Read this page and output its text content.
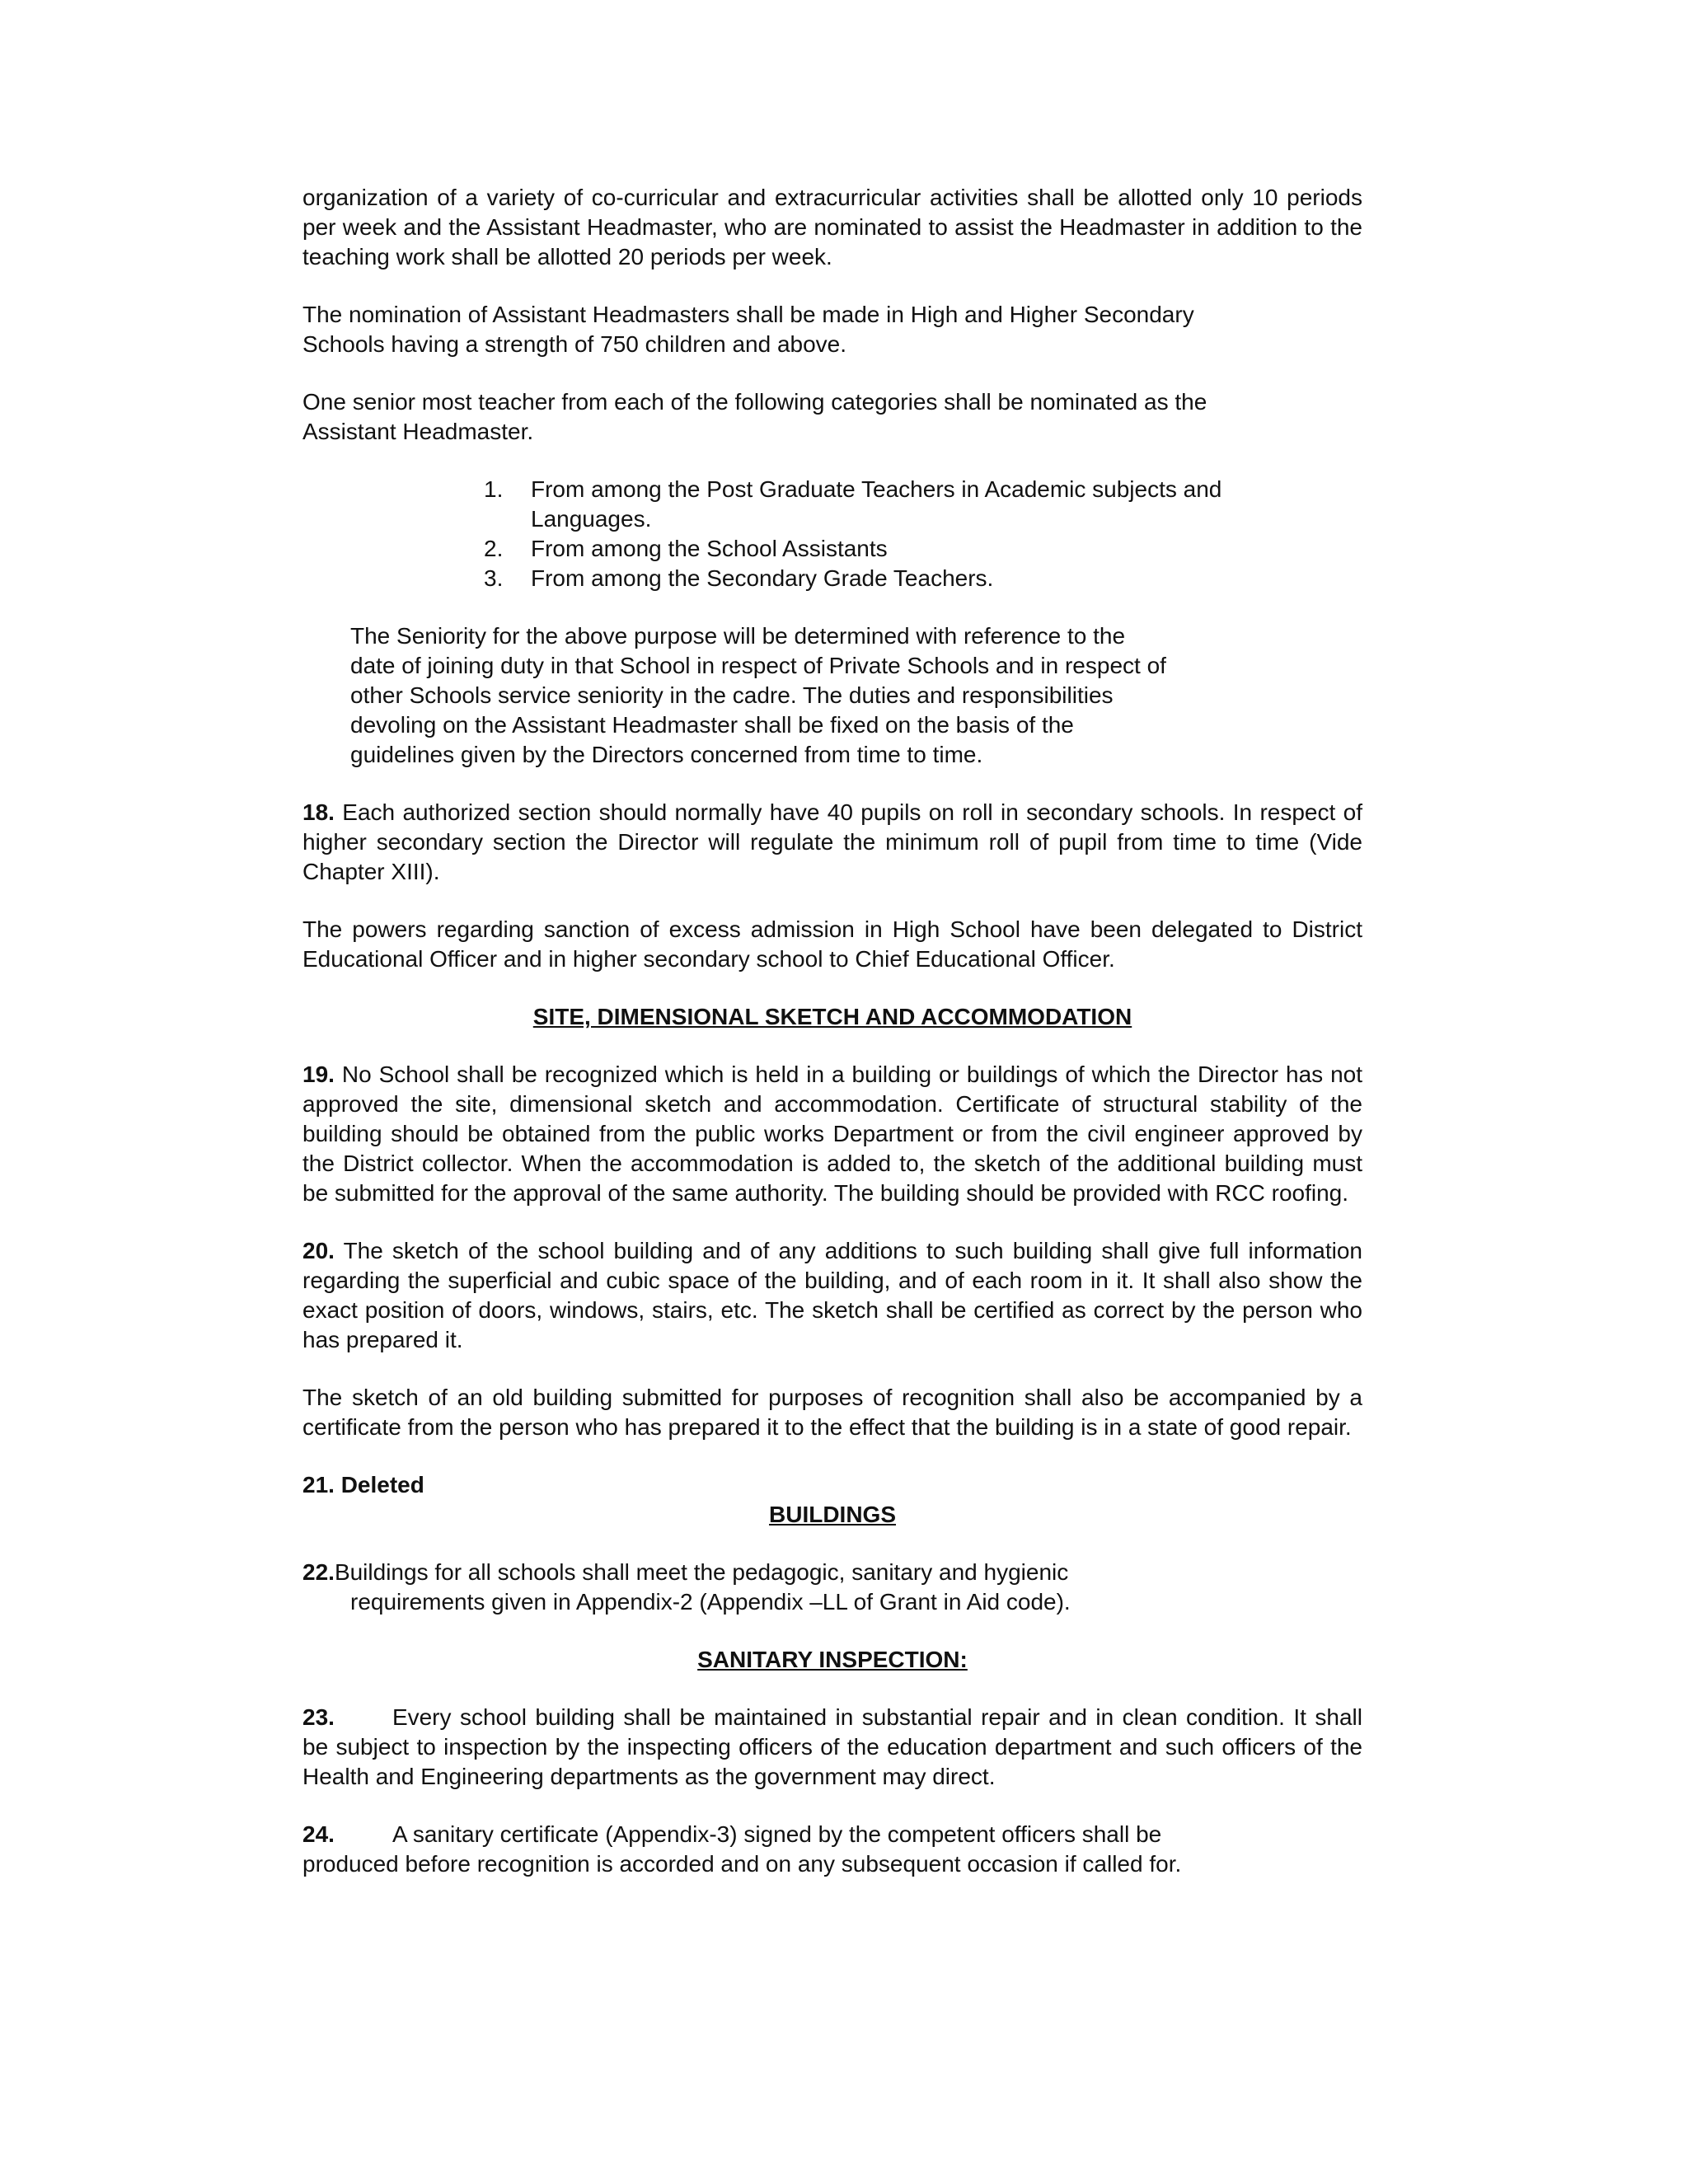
organization of a variety of co-curricular and extracurricular activities shall be allotted only 10 periods per week and the Assistant Headmaster, who are nominated to assist the Headmaster in addition to the teaching work shall be allotted 20 periods per week.

The nomination of Assistant Headmasters shall be made in High and Higher Secondary Schools having a strength of 750 children and above.

One senior most teacher from each of the following categories shall be nominated as the Assistant Headmaster.

1.	From among the Post Graduate Teachers in Academic subjects and Languages.
2.	From among the School Assistants
3.	From among the Secondary Grade Teachers.

The Seniority for the above purpose will be determined with reference to the date of joining duty in that School in respect of Private Schools and in respect of other Schools service seniority in the cadre. The duties and responsibilities devoling on the Assistant Headmaster shall be fixed on the basis of the guidelines given by the Directors concerned from time to time.

18. Each authorized section should normally have 40 pupils on roll in secondary schools. In respect of higher secondary section the Director will regulate the minimum roll of pupil from time to time (Vide Chapter XIII).

The powers regarding sanction of excess admission in High School have been delegated to District Educational Officer and in higher secondary school to Chief Educational Officer.

SITE, DIMENSIONAL SKETCH AND ACCOMMODATION

19. No School shall be recognized which is held in a building or buildings of which the Director has not approved the site, dimensional sketch and accommodation. Certificate of structural stability of the building should be obtained from the public works Department or from the civil engineer approved by the District collector. When the accommodation is added to, the sketch of the additional building must be submitted for the approval of the same authority. The building should be provided with RCC roofing.

20. The sketch of the school building and of any additions to such building shall give full information regarding the superficial and cubic space of the building, and of each room in it. It shall also show the exact position of doors, windows, stairs, etc. The sketch shall be certified as correct by the person who has prepared it.

The sketch of an old building submitted for purposes of recognition shall also be accompanied by a certificate from the person who has prepared it to the effect that the building is in a state of good repair.

21. Deleted
BUILDINGS

22.Buildings for all schools shall meet the pedagogic, sanitary and hygienic
requirements given in Appendix-2 (Appendix –LL of Grant in Aid code).

SANITARY INSPECTION:

23.	Every school building shall be maintained in substantial repair and in clean condition. It shall be subject to inspection by the inspecting officers of the education department and such officers of the Health and Engineering departments as the government may direct.

24.	A sanitary certificate (Appendix-3) signed by the competent officers shall be produced before recognition is accorded and on any subsequent occasion if called for.
